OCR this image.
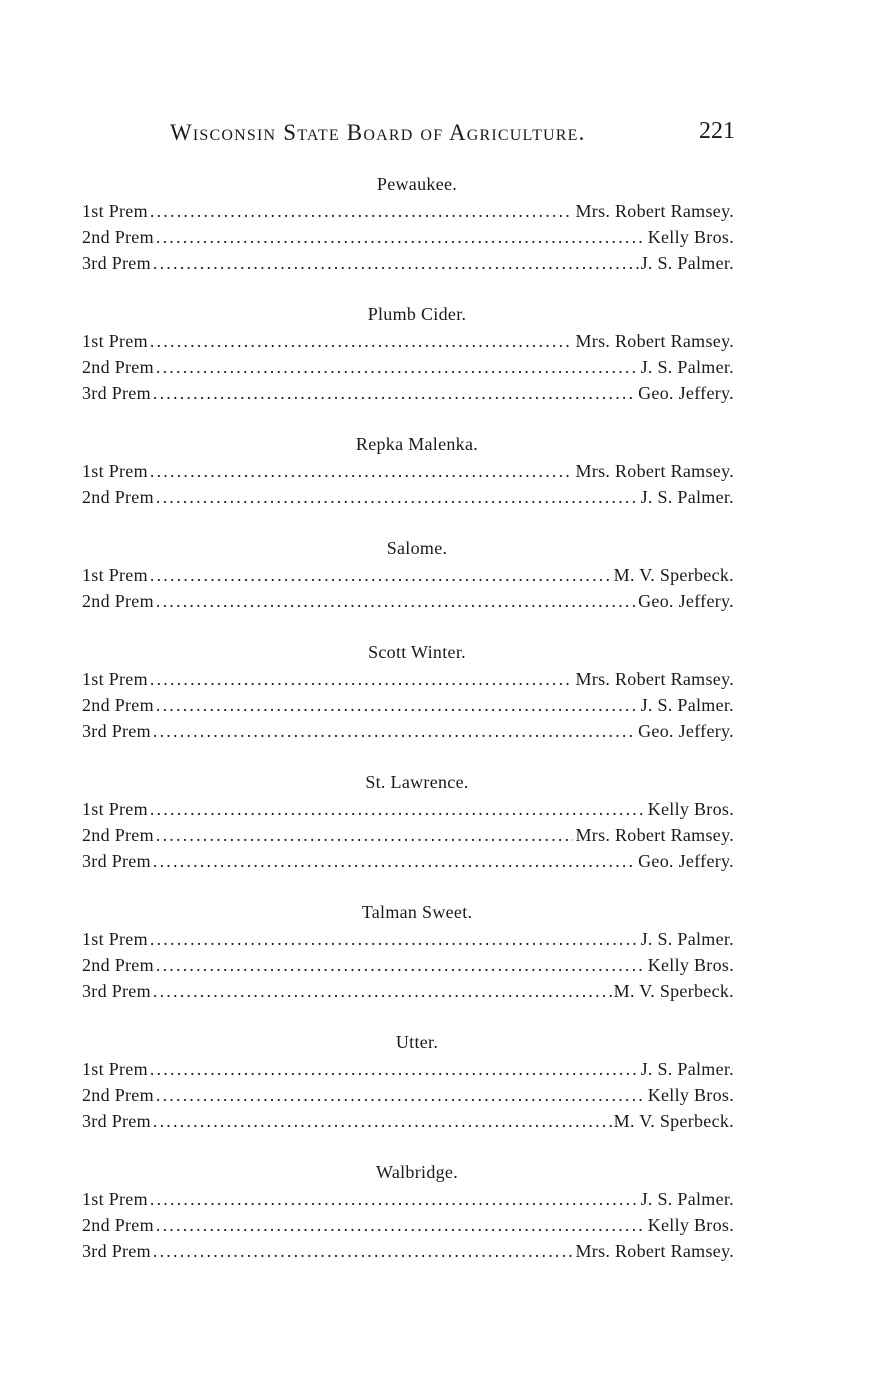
Wisconsin State Board of Agriculture.	221
Pewaukee.
1st Prem .....	Mrs. Robert Ramsey.
2nd Prem .....	Kelly Bros.
3rd Prem .....	J. S. Palmer.
Plumb Cider.
1st Prem .....	Mrs. Robert Ramsey.
2nd Prem .....	J. S. Palmer.
3rd Prem .....	Geo. Jeffery.
Repka Malenka.
1st Prem .....	Mrs. Robert Ramsey.
2nd Prem .....	J. S. Palmer.
Salome.
1st Prem .....	M. V. Sperbeck.
2nd Prem .....	Geo. Jeffery.
Scott Winter.
1st Prem .....	Mrs. Robert Ramsey.
2nd Prem .....	J. S. Palmer.
3rd Prem .....	Geo. Jeffery.
St. Lawrence.
1st Prem .....	Kelly Bros.
2nd Prem .....	Mrs. Robert Ramsey.
3rd Prem .....	Geo. Jeffery.
Talman Sweet.
1st Prem .....	J. S. Palmer.
2nd Prem .....	Kelly Bros.
3rd Prem .....	M. V. Sperbeck.
Utter.
1st Prem .....	J. S. Palmer.
2nd Prem .....	Kelly Bros.
3rd Prem .....	M. V. Sperbeck.
Walbridge.
1st Prem .....	J. S. Palmer.
2nd Prem .....	Kelly Bros.
3rd Prem .....	Mrs. Robert Ramsey.
